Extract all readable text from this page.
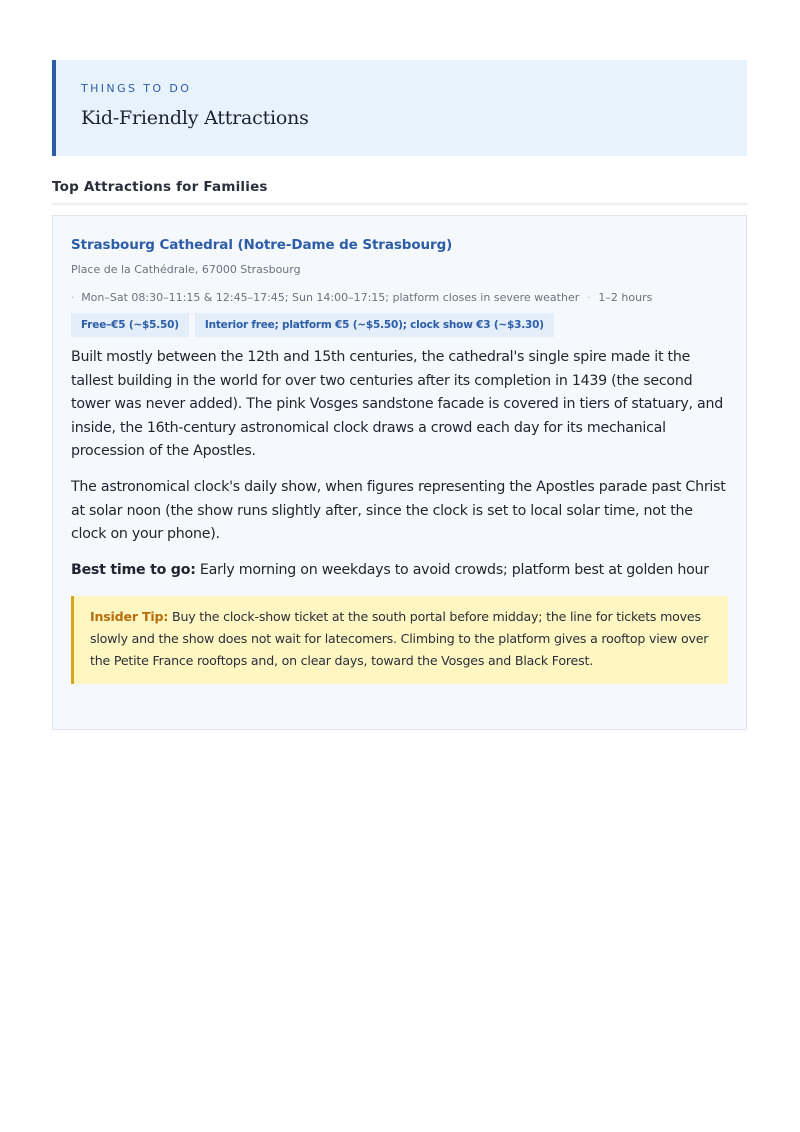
THINGS TO DO
Kid-Friendly Attractions
Top Attractions for Families
Strasbourg Cathedral (Notre-Dame de Strasbourg)
Place de la Cathédrale, 67000 Strasbourg
· Mon–Sat 08:30–11:15 & 12:45–17:45; Sun 14:00–17:15; platform closes in severe weather · 1–2 hours
Free–€5 (~$5.50) Interior free; platform €5 (~$5.50); clock show €3 (~$3.30)

Built mostly between the 12th and 15th centuries, the cathedral's single spire made it the tallest building in the world for over two centuries after its completion in 1439 (the second tower was never added). The pink Vosges sandstone facade is covered in tiers of statuary, and inside, the 16th-century astronomical clock draws a crowd each day for its mechanical procession of the Apostles.

The astronomical clock's daily show, when figures representing the Apostles parade past Christ at solar noon (the show runs slightly after, since the clock is set to local solar time, not the clock on your phone).

Best time to go: Early morning on weekdays to avoid crowds; platform best at golden hour
Insider Tip: Buy the clock-show ticket at the south portal before midday; the line for tickets moves slowly and the show does not wait for latecomers. Climbing to the platform gives a rooftop view over the Petite France rooftops and, on clear days, toward the Vosges and Black Forest.
